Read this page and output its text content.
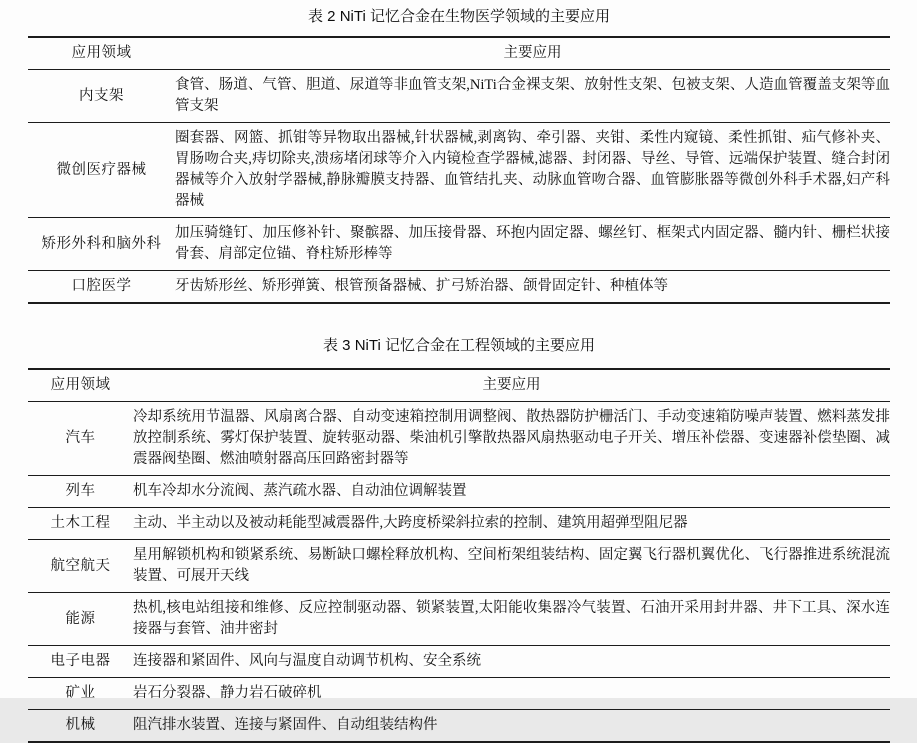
表 2 NiTi 记忆合金在生物医学领域的主要应用
应用领域	主要应用
内支架	食管、肠道、气管、胆道、尿道等非血管支架,NiTi合金裸支架、放射性支架、包被支架、人造血管覆盖支架等血管支架
微创医疗器械	圈套器、网篮、抓钳等异物取出器械,针状器械,剥离钩、牵引器、夹钳、柔性内窥镜、柔性抓钳、疝气修补夹、胃肠吻合夹,痔切除夹,溃疡堵闭球等介入内镜检查学器械,滤器、封闭器、导丝、导管、远端保护装置、缝合封闭器械等介入放射学器械,静脉瓣膜支持器、血管结扎夹、动脉血管吻合器、血管膨胀器等微创外科手术器,妇产科器械
矫形外科和脑外科	加压骑缝钉、加压修补针、聚髌器、加压接骨器、环抱内固定器、螺丝钉、框架式内固定器、髓内针、栅栏状接骨套、肩部定位锚、脊柱矫形棒等
口腔医学	牙齿矫形丝、矫形弹簧、根管预备器械、扩弓矫治器、颌骨固定针、种植体等
表 3 NiTi 记忆合金在工程领域的主要应用
应用领域	主要应用
汽车	冷却系统用节温器、风扇离合器、自动变速箱控制用调整阀、散热器防护栅活门、手动变速箱防噪声装置、燃料蒸发排放控制系统、雾灯保护装置、旋转驱动器、柴油机引擎散热器风扇热驱动电子开关、增压补偿器、变速器补偿垫圈、减震器阀垫圈、燃油喷射器高压回路密封器等
列车	机车冷却水分流阀、蒸汽疏水器、自动油位调解装置
土木工程	主动、半主动以及被动耗能型减震器件,大跨度桥梁斜拉索的控制、建筑用超弹型阻尼器
航空航天	星用解锁机构和锁紧系统、易断缺口螺栓释放机构、空间桁架组装结构、固定翼飞行器机翼优化、飞行器推进系统混流装置、可展开天线
能源	热机,核电站组接和维修、反应控制驱动器、锁紧装置,太阳能收集器冷气装置、石油开采用封井器、井下工具、深水连接器与套管、油井密封
电子电器	连接器和紧固件、风向与温度自动调节机构、安全系统
矿业	岩石分裂器、静力岩石破碎机
机械	阻汽排水装置、连接与紧固件、自动组装结构件
